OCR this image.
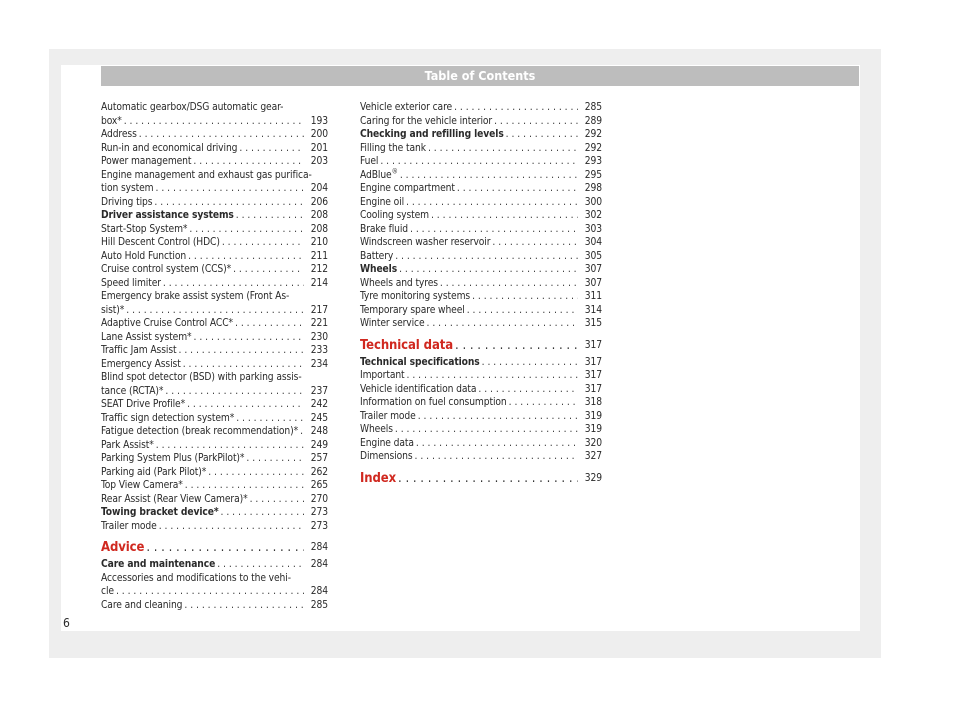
Table of Contents
Automatic gearbox/DSG automatic gear-
box* . . .	193
Address . . .	200
Run-in and economical driving . . .	201
Power management . . .	203
Engine management and exhaust gas purifica-
tion system . . .	204
Driving tips . . .	206
Driver assistance systems . . .	208
Start-Stop System* . . .	208
Hill Descent Control (HDC) . . .	210
Auto Hold Function . . .	211
Cruise control system (CCS)* . . .	212
Speed limiter . . .	214
Emergency brake assist system (Front As-
sist)* . . .	217
Adaptive Cruise Control ACC* . . .	221
Lane Assist system* . . .	230
Traffic Jam Assist . . .	233
Emergency Assist . . .	234
Blind spot detector (BSD) with parking assis-
tance (RCTA)* . . .	237
SEAT Drive Profile* . . .	242
Traffic sign detection system* . . .	245
Fatigue detection (break recommendation)* . . .	248
Park Assist* . . .	249
Parking System Plus (ParkPilot)* . . .	257
Parking aid (Park Pilot)* . . .	262
Top View Camera* . . .	265
Rear Assist (Rear View Camera)* . . .	270
Towing bracket device* . . .	273
Trailer mode . . .	273
Advice . . .	284
Care and maintenance . . .	284
Accessories and modifications to the vehi-
cle . . .	284
Care and cleaning . . .	285
Vehicle exterior care . . .	285
Caring for the vehicle interior . . .	289
Checking and refilling levels . . .	292
Filling the tank . . .	292
Fuel . . .	293
AdBlue® . . .	295
Engine compartment . . .	298
Engine oil . . .	300
Cooling system . . .	302
Brake fluid . . .	303
Windscreen washer reservoir . . .	304
Battery . . .	305
Wheels . . .	307
Wheels and tyres . . .	307
Tyre monitoring systems . . .	311
Temporary spare wheel . . .	314
Winter service . . .	315
Technical data . . .	317
Technical specifications . . .	317
Important . . .	317
Vehicle identification data . . .	317
Information on fuel consumption . . .	318
Trailer mode . . .	319
Wheels . . .	319
Engine data . . .	320
Dimensions . . .	327
Index . . .	329
6
